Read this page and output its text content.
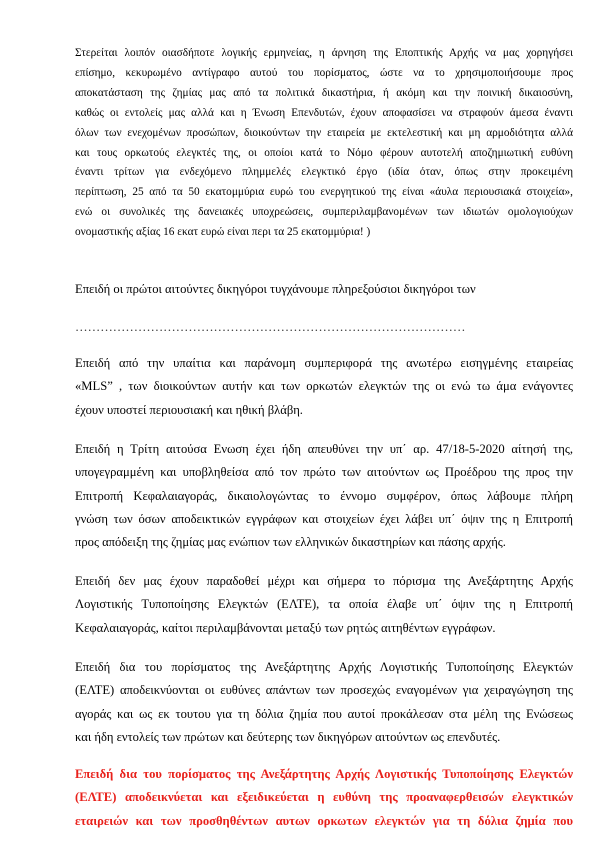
Στερείται λοιπόν οιασδήποτε λογικής ερμηνείας, η άρνηση της Εποπτικής Αρχής να μας χορηγήσει
επίσημο, κεκυρωμένο αντίγραφο αυτού του πορίσματος, ώστε να το χρησιμοποιήσουμε προς
αποκατάσταση της ζημίας μας από τα πολιτικά δικαστήρια, ή ακόμη και την ποινική δικαιοσύνη,
καθώς οι εντολείς μας αλλά και η Ένωση Επενδυτών, έχουν αποφασίσει να στραφούν άμεσα έναντι
όλων των ενεχομένων προσώπων, διοικούντων την εταιρεία με εκτελεστική και μη αρμοδιότητα αλλά
και τους ορκωτούς ελεγκτές της, οι οποίοι κατά το Νόμο φέρουν αυτοτελή αποζημιωτική ευθύνη
έναντι τρίτων για ενδεχόμενο πλημμελές ελεγκτικό έργο (ιδία όταν, όπως στην προκειμένη
περίπτωση, 25 από τα 50 εκατομμύρια ευρώ του ενεργητικού της είναι «άυλα περιουσιακά στοιχεία»,
ενώ οι συνολικές της δανειακές υποχρεώσεις, συμπεριλαμβανομένων των ιδιωτών ομολογιούχων
ονομαστικής αξίας 16 εκατ ευρώ είναι περι τα 25 εκατομμύρια! )

Επειδή οι πρώτοι αιτούντες δικηγόροι τυγχάνουμε πληρεξούσιοι δικηγόροι των

…………………………………………………………………………………

Επειδή από την υπαίτια και παράνομη συμπεριφορά της ανωτέρω εισηγμένης εταιρείας
«MLS” , των διοικούντων αυτήν και των ορκωτών ελεγκτών της οι ενώ τω άμα ενάγοντες
έχουν υποστεί περιουσιακή και ηθική βλάβη.

Επειδή η Τρίτη αιτούσα Ενωση έχει ήδη απευθύνει την υπ΄ αρ. 47/18-5-2020 αίτησή της,
υπογεγραμμένη και υποβληθείσα από τον πρώτο των αιτούντων ως Προέδρου της προς την
Επιτροπή Κεφαλαιαγοράς, δικαιολογώντας το έννομο συμφέρον, όπως λάβουμε πλήρη
γνώση των όσων αποδεικτικών εγγράφων και στοιχείων έχει λάβει υπ΄ όψιν της η Επιτροπή
προς απόδειξη της ζημίας μας ενώπιον των ελληνικών δικαστηρίων και πάσης αρχής.

Επειδή δεν μας έχουν παραδοθεί μέχρι και σήμερα το πόρισμα της Ανεξάρτητης Αρχής
Λογιστικής Τυποποίησης Ελεγκτών (ΕΛΤΕ), τα οποία έλαβε υπ΄ όψιν της η Επιτροπή
Κεφαλαιαγοράς, καίτοι περιλαμβάνονται μεταξύ των ρητώς αιτηθέντων εγγράφων.

Επειδή δια του πορίσματος της Ανεξάρτητης Αρχής Λογιστικής Τυποποίησης Ελεγκτών
(ΕΛΤΕ) αποδεικνύονται οι ευθύνες απάντων των προσεχώς εναγομένων για χειραγώγηση της
αγοράς και ως εκ τουτου για τη δόλια ζημία που αυτοί προκάλεσαν στα μέλη της Ενώσεως
και ήδη εντολείς των πρώτων και δεύτερης των δικηγόρων αιτούντων ως επενδυτές.

Επειδή δια του πορίσματος της Ανεξάρτητης Αρχής Λογιστικής Τυποποίησης Ελεγκτών
(ΕΛΤΕ) αποδεικνύεται και εξειδικεύεται η ευθύνη της προαναφερθεισών ελεγκτικών
εταιρειών και των προσθηθέντων αυτων ορκωτων ελεγκτών για τη δόλια ζημία που
